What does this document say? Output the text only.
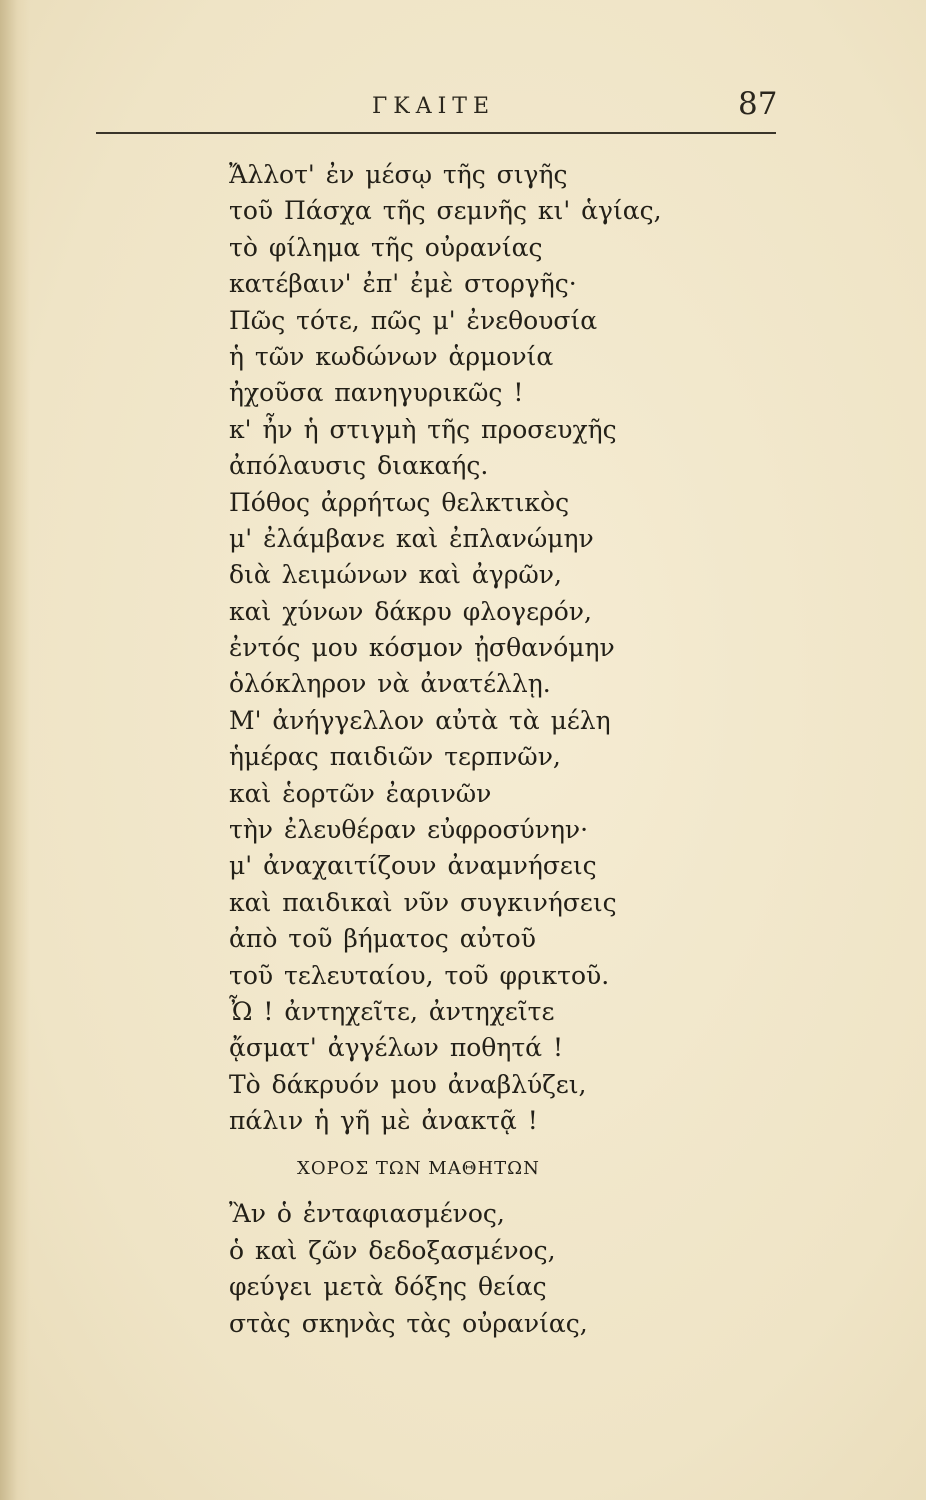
ΓΚΑΙΤΕ	87
Ἄλλοτ' ἐν μέσῳ τῆς σιγῆς
τοῦ Πάσχα τῆς σεμνῆς κι' ἁγίας,
τὸ φίλημα τῆς οὐρανίας
κατέβαιν' ἐπ' ἐμὲ στοργῆς·
Πῶς τότε, πῶς μ' ἐνεθουσία
ἡ τῶν κωδώνων ἁρμονία
ἠχοῦσα πανηγυρικῶς !
κ' ἦν ἡ στιγμὴ τῆς προσευχῆς
ἀπόλαυσις διακαής.
Πόθος ἀρρήτως θελκτικὸς
μ' ἐλάμβανε καὶ ἐπλανώμην
διὰ λειμώνων καὶ ἀγρῶν,
καὶ χύνων δάκρυ φλογερόν,
ἐντός μου κόσμον ᾐσθανόμην
ὁλόκληρον νὰ ἀνατέλλῃ.
Μ' ἀνήγγελλον αὐτὰ τὰ μέλη
ἡμέρας παιδιῶν τερπνῶν,
καὶ ἑορτῶν ἐαρινῶν
τὴν ἐλευθέραν εὐφροσύνην·
μ' ἀναχαιτίζουν ἀναμνήσεις
καὶ παιδικαὶ νῦν συγκινήσεις
ἀπὸ τοῦ βήματος αὐτοῦ
τοῦ τελευταίου, τοῦ φρικτοῦ.
Ὦ ! ἀντηχεῖτε, ἀντηχεῖτε
ᾄσματ' ἀγγέλων ποθητά !
Τὸ δάκρυόν μου ἀναβλύζει,
πάλιν ἡ γῆ μὲ ἀνακτᾷ !
ΧΟΡΟΣ ΤΩΝ ΜΑΘΗΤΩΝ
Ἂν ὁ ἐνταφιασμένος,
ὁ καὶ ζῶν δεδοξασμένος,
φεύγει μετὰ δόξης θείας
στὰς σκηνὰς τὰς οὐρανίας,
